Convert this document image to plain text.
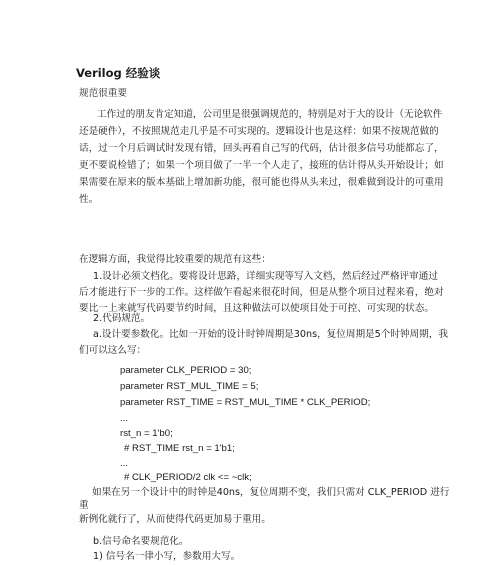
Verilog 经验谈
规范很重要
工作过的朋友肯定知道，公司里是很强调规范的，特别是对于大的设计（无论软件
还是硬件），不按照规范走几乎是不可实现的。逻辑设计也是这样：如果不按规范做的
话，过一个月后调试时发现有错，回头再看自己写的代码，估计很多信号功能都忘了，
更不要说检错了；如果一个项目做了一半一个人走了，接班的估计得从头开始设计；如
果需要在原来的版本基础上增加新功能，很可能也得从头来过，很难做到设计的可重用
性。
在逻辑方面，我觉得比较重要的规范有这些：
1.设计必须文档化。要将设计思路，详细实现等写入文档，然后经过严格评审通过
后才能进行下一步的工作。这样做乍看起来很花时间，但是从整个项目过程来看，绝对
要比一上来就写代码要节约时间，且这种做法可以使项目处于可控、可实现的状态。
2.代码规范。
a.设计要参数化。比如一开始的设计时钟周期是30ns，复位周期是5个时钟周期，我
们可以这么写：
parameter CLK_PERIOD = 30;
parameter RST_MUL_TIME = 5;
parameter RST_TIME = RST_MUL_TIME * CLK_PERIOD;
...
rst_n = 1'b0;
# RST_TIME rst_n = 1'b1;
...
# CLK_PERIOD/2 clk <= ~clk;
如果在另一个设计中的时钟是40ns，复位周期不变，我们只需对 CLK_PERIOD 进行
重
新例化就行了，从而使得代码更加易于重用。
b.信号命名要规范化。
1) 信号名一律小写，参数用大写。
